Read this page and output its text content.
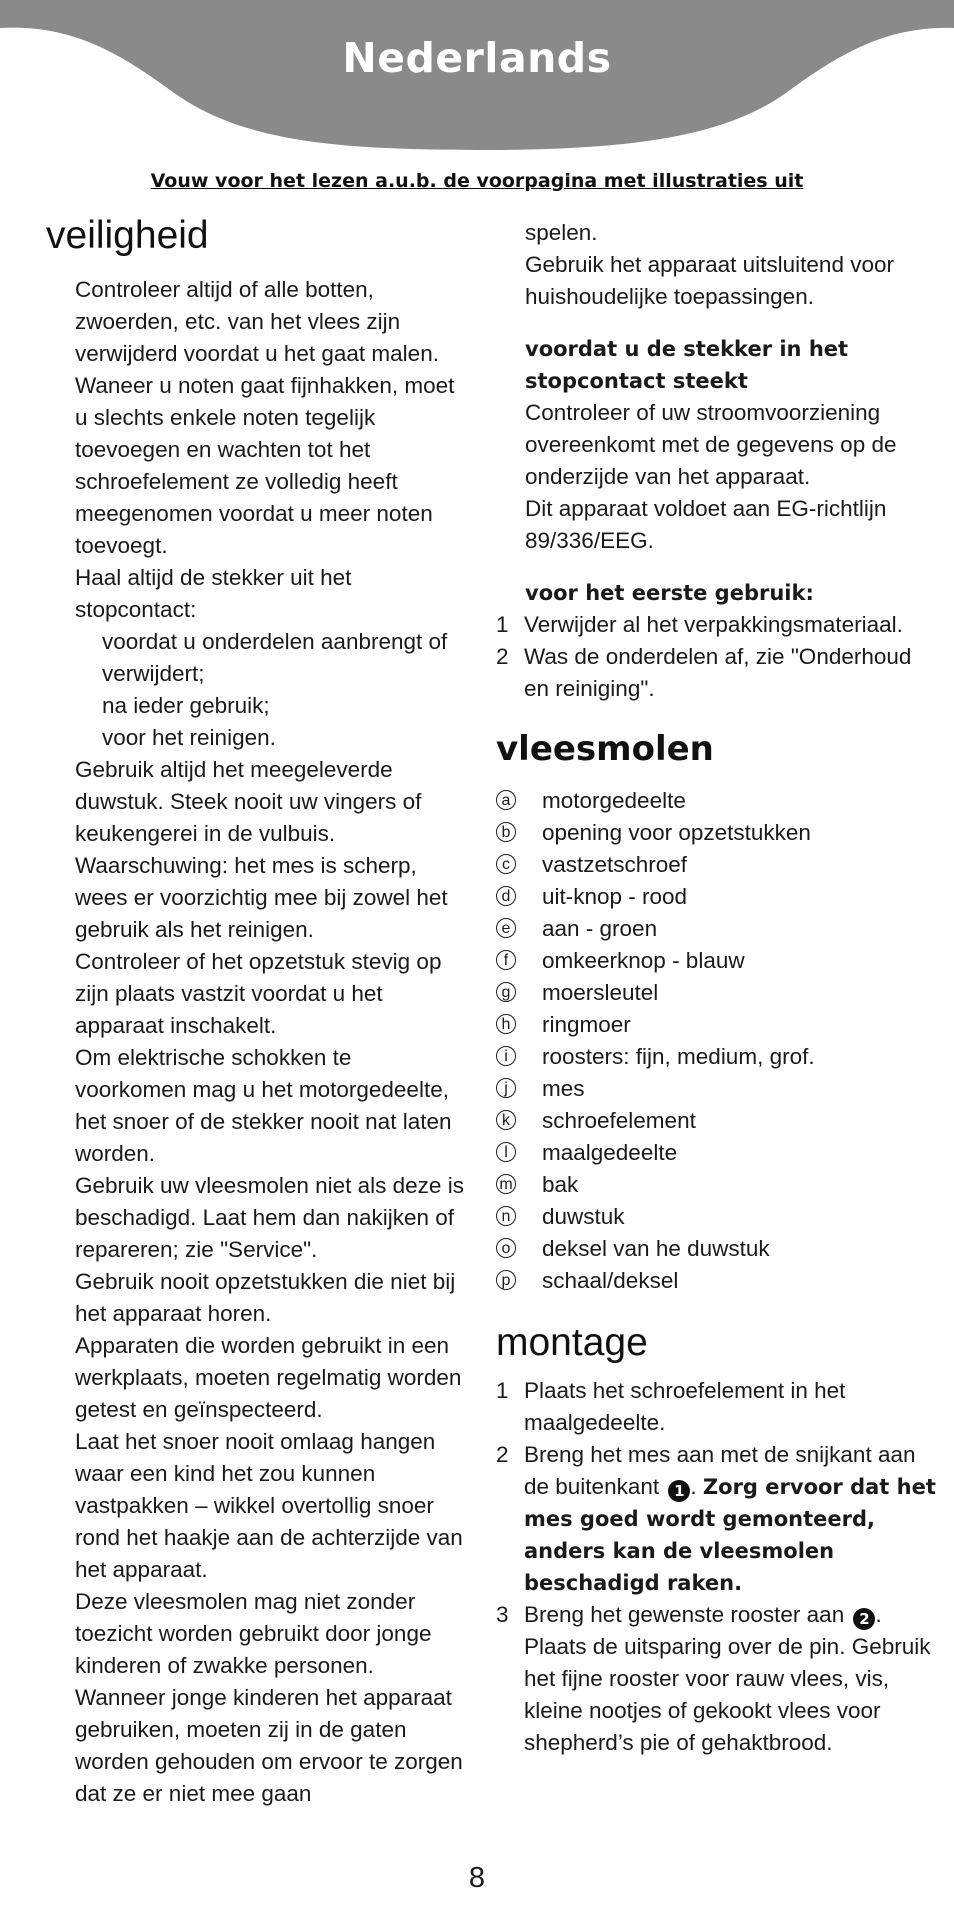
Nederlands
Vouw voor het lezen a.u.b. de voorpagina met illustraties uit
veiligheid

Controleer altijd of alle botten, zwoerden, etc. van het vlees zijn verwijderd voordat u het gaat malen.

Waneer u noten gaat fijnhakken, moet u slechts enkele noten tegelijk toevoegen en wachten tot het schroefelement ze volledig heeft meegenomen voordat u meer noten toevoegt.

Haal altijd de stekker uit het stopcontact:

voordat u onderdelen aanbrengt of verwijdert;

na ieder gebruik;

voor het reinigen.

Gebruik altijd het meegeleverde duwstuk. Steek nooit uw vingers of keukengerei in de vulbuis.

Waarschuwing: het mes is scherp, wees er voorzichtig mee bij zowel het gebruik als het reinigen.

Controleer of het opzetstuk stevig op zijn plaats vastzit voordat u het apparaat inschakelt.

Om elektrische schokken te voorkomen mag u het motorgedeelte, het snoer of de stekker nooit nat laten worden.

Gebruik uw vleesmolen niet als deze is beschadigd. Laat hem dan nakijken of repareren; zie "Service".

Gebruik nooit opzetstukken die niet bij het apparaat horen.

Apparaten die worden gebruikt in een werkplaats, moeten regelmatig worden getest en geïnspecteerd.

Laat het snoer nooit omlaag hangen waar een kind het zou kunnen vastpakken – wikkel overtollig snoer rond het haakje aan de achterzijde van het apparaat.

Deze vleesmolen mag niet zonder toezicht worden gebruikt door jonge kinderen of zwakke personen.

Wanneer jonge kinderen het apparaat gebruiken, moeten zij in de gaten worden gehouden om ervoor te zorgen dat ze er niet mee gaan

spelen.

Gebruik het apparaat uitsluitend voor huishoudelijke toepassingen.

voordat u de stekker in het stopcontact steekt

Controleer of uw stroomvoorziening overeenkomt met de gegevens op de onderzijde van het apparaat.

Dit apparaat voldoet aan EG-richtlijn 89/336/EEG.

voor het eerste gebruik:

1 Verwijder al het verpakkingsmateriaal.
2 Was de onderdelen af, zie "Onderhoud en reiniging".
vleesmolen
a motorgedeelte
b opening voor opzetstukken
c vastzetschroef
d uit-knop - rood
e aan - groen
f	omkeerknop - blauw
g moersleutel
h ringmoer
i	roosters: fijn, medium, grof.
j	mes
k schroefelement
l	maalgedeelte
m bak
n duwstuk
o deksel van he duwstuk
p schaal/deksel
montage
1 Plaats het schroefelement in het maalgedeelte.
2 Breng het mes aan met de snijkant aan de buitenkant 1 . Zorg ervoor dat het mes goed wordt gemonteerd, anders kan de vleesmolen beschadigd raken.
3 Breng het gewenste rooster aan 2 . Plaats de uitsparing over de pin. Gebruik het fijne rooster voor rauw vlees, vis, kleine nootjes of gekookt vlees voor shepherd’s pie of gehaktbrood.
8
